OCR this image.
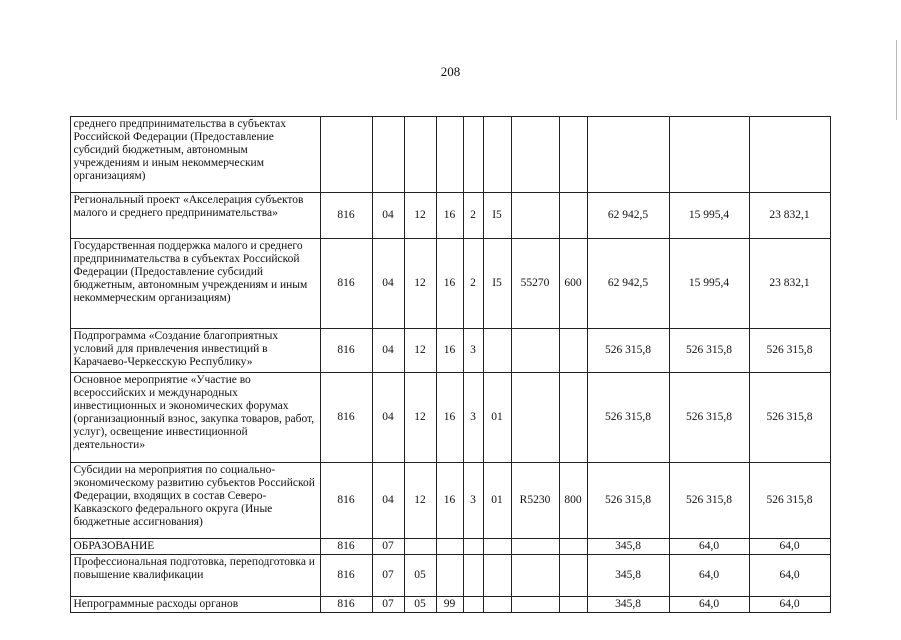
208
	среднего предпринимательства в субъектах Российской Федерации (Предоставление субсидий бюджетным, автономным учреждениям и иным некоммерческим организациям)											
	Региональный проект «Акселерация субъектов малого и среднего предпринимательства»	816	04	12	16	2	I5			62 942,5	15 995,4	23 832,1
	Государственная поддержка малого и среднего предпринимательства в субъектах Российской Федерации (Предоставление субсидий бюджетным, автономным учреждениям и иным некоммерческим организациям)	816	04	12	16	2	I5	55270	600	62 942,5	15 995,4	23 832,1
	Подпрограмма «Создание благоприятных условий для привлечения инвестиций в Карачаево-Черкесскую Республику»	816	04	12	16	3				526 315,8	526 315,8	526 315,8
	Основное мероприятие «Участие во всероссийских и международных инвестиционных и экономических форумах (организационный взнос, закупка товаров, работ, услуг), освещение инвестиционной деятельности»	816	04	12	16	3	01			526 315,8	526 315,8	526 315,8
	Субсидии на мероприятия по социально-экономическому развитию субъектов Российской Федерации, входящих в состав Северо-Кавказского федерального округа (Иные бюджетные ассигнования)	816	04	12	16	3	01	R5230	800	526 315,8	526 315,8	526 315,8
	ОБРАЗОВАНИЕ	816	07							345,8	64,0	64,0
	Профессиональная подготовка, переподготовка и повышение квалификации	816	07	05						345,8	64,0	64,0
	Непрограммные расходы органов	816	07	05	99					345,8	64,0	64,0
